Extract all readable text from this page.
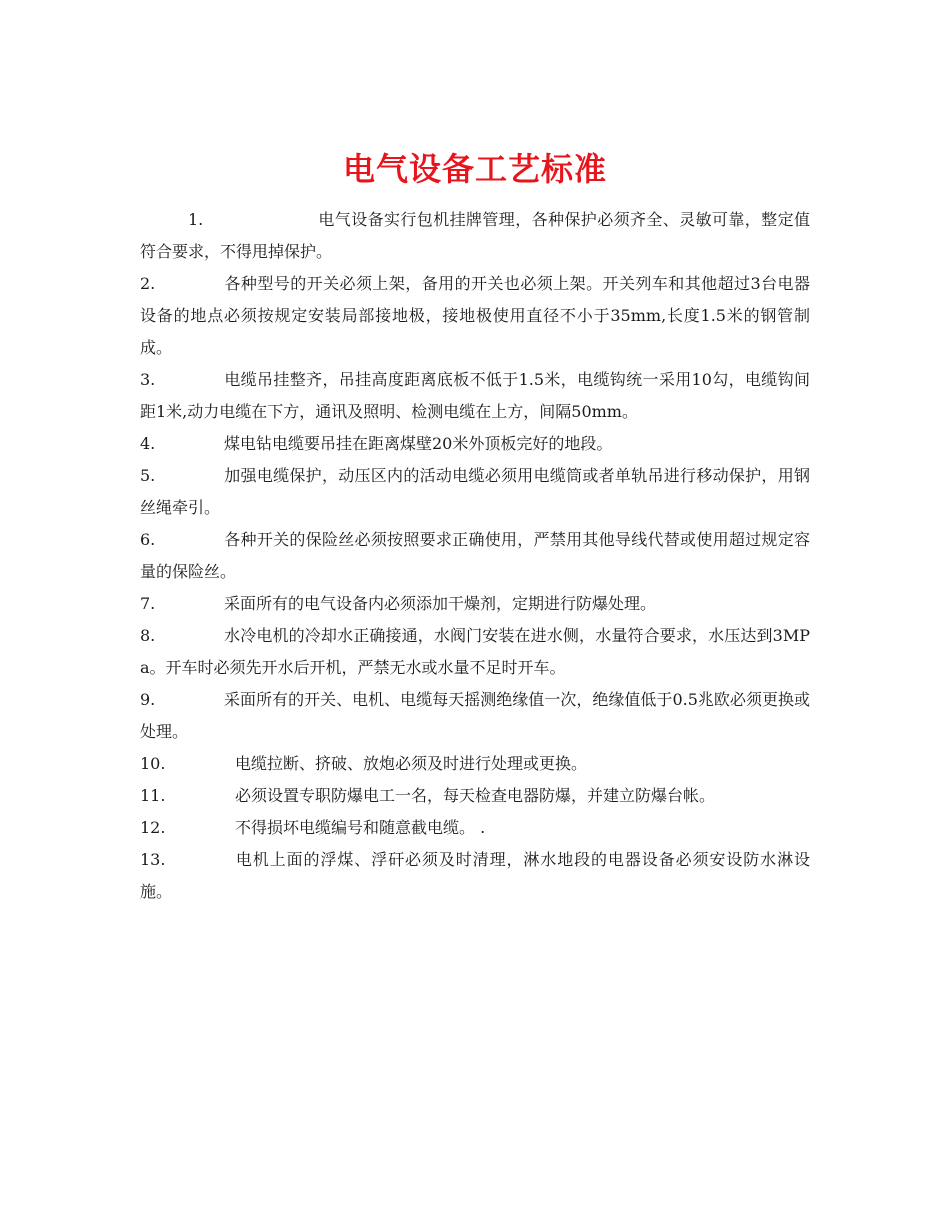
电气设备工艺标准
1.	电气设备实行包机挂牌管理，各种保护必须齐全、灵敏可靠，整定值符合要求，不得甩掉保护。
2.	各种型号的开关必须上架，备用的开关也必须上架。开关列车和其他超过3台电器设备的地点必须按规定安装局部接地极，接地极使用直径不小于35mm,长度1.5米的钢管制成。
3.	电缆吊挂整齐，吊挂高度距离底板不低于1.5米，电缆钩统一采用10勾，电缆钩间距1米,动力电缆在下方，通讯及照明、检测电缆在上方，间隔50mm。
4.	煤电钻电缆要吊挂在距离煤壁20米外顶板完好的地段。
5.	加强电缆保护，动压区内的活动电缆必须用电缆筒或者单轨吊进行移动保护，用钢丝绳牵引。
6.	各种开关的保险丝必须按照要求正确使用，严禁用其他导线代替或使用超过规定容量的保险丝。
7.	采面所有的电气设备内必须添加干燥剂，定期进行防爆处理。
8.	水冷电机的冷却水正确接通，水阀门安装在进水侧，水量符合要求，水压达到3MPa。开车时必须先开水后开机，严禁无水或水量不足时开车。
9.	采面所有的开关、电机、电缆每天摇测绝缘值一次，绝缘值低于0.5兆欧必须更换或处理。
10.	电缆拉断、挤破、放炮必须及时进行处理或更换。
11.	必须设置专职防爆电工一名，每天检查电器防爆，并建立防爆台帐。
12.	不得损坏电缆编号和随意截电缆。 .
13.	电机上面的浮煤、浮矸必须及时清理，淋水地段的电器设备必须安设防水淋设施。
